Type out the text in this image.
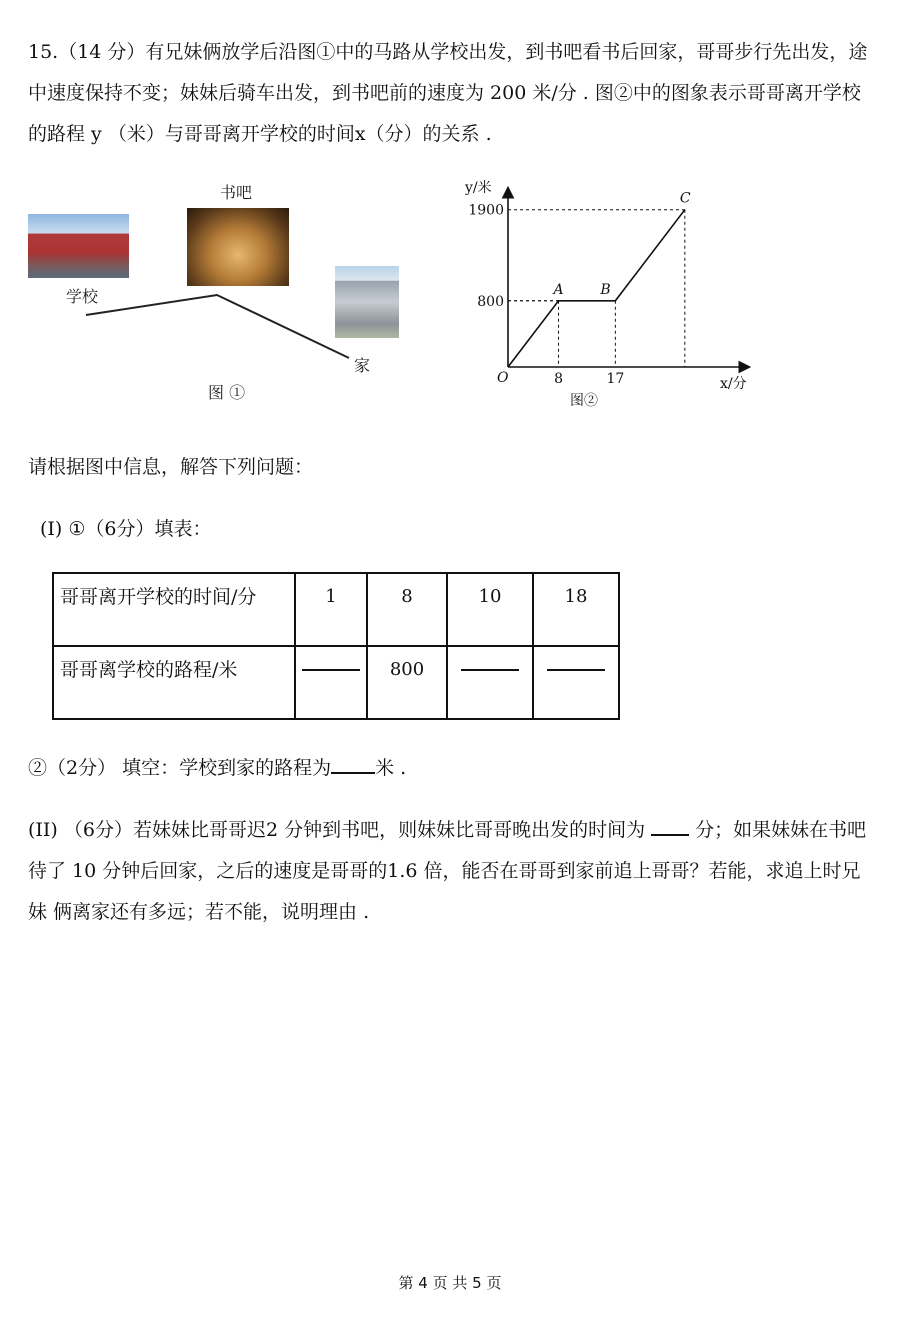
15.（14 分）有兄妹俩放学后沿图①中的马路从学校出发，到书吧看书后回家，哥哥步行先出发，途中速度保持不变；妹妹后骑车出发，到书吧前的速度为 200 米/分 . 图②中的图象表示哥哥离开学校的路程 y （米）与哥哥离开学校的时间x（分）的关系 .

学校
书吧
家
图 ①
y/米
x/分
O	8	17
800
1900
A	B
C
图②

请根据图中信息，解答下列问题：

(I) ①（6分）填表：

哥哥离开学校的时间/分	1	8	10	18
哥哥离学校的路程/米		800		

②（2分） 填空：学校到家的路程为 米 .

(II) （6分）若妹妹比哥哥迟2 分钟到书吧，则妹妹比哥哥晚出发的时间为  分；如果妹妹在书吧待了 10 分钟后回家，之后的速度是哥哥的1.6 倍，能否在哥哥到家前追上哥哥？若能，求追上时兄妹 俩离家还有多远；若不能，说明理由 .

第 4 页 共 5 页
